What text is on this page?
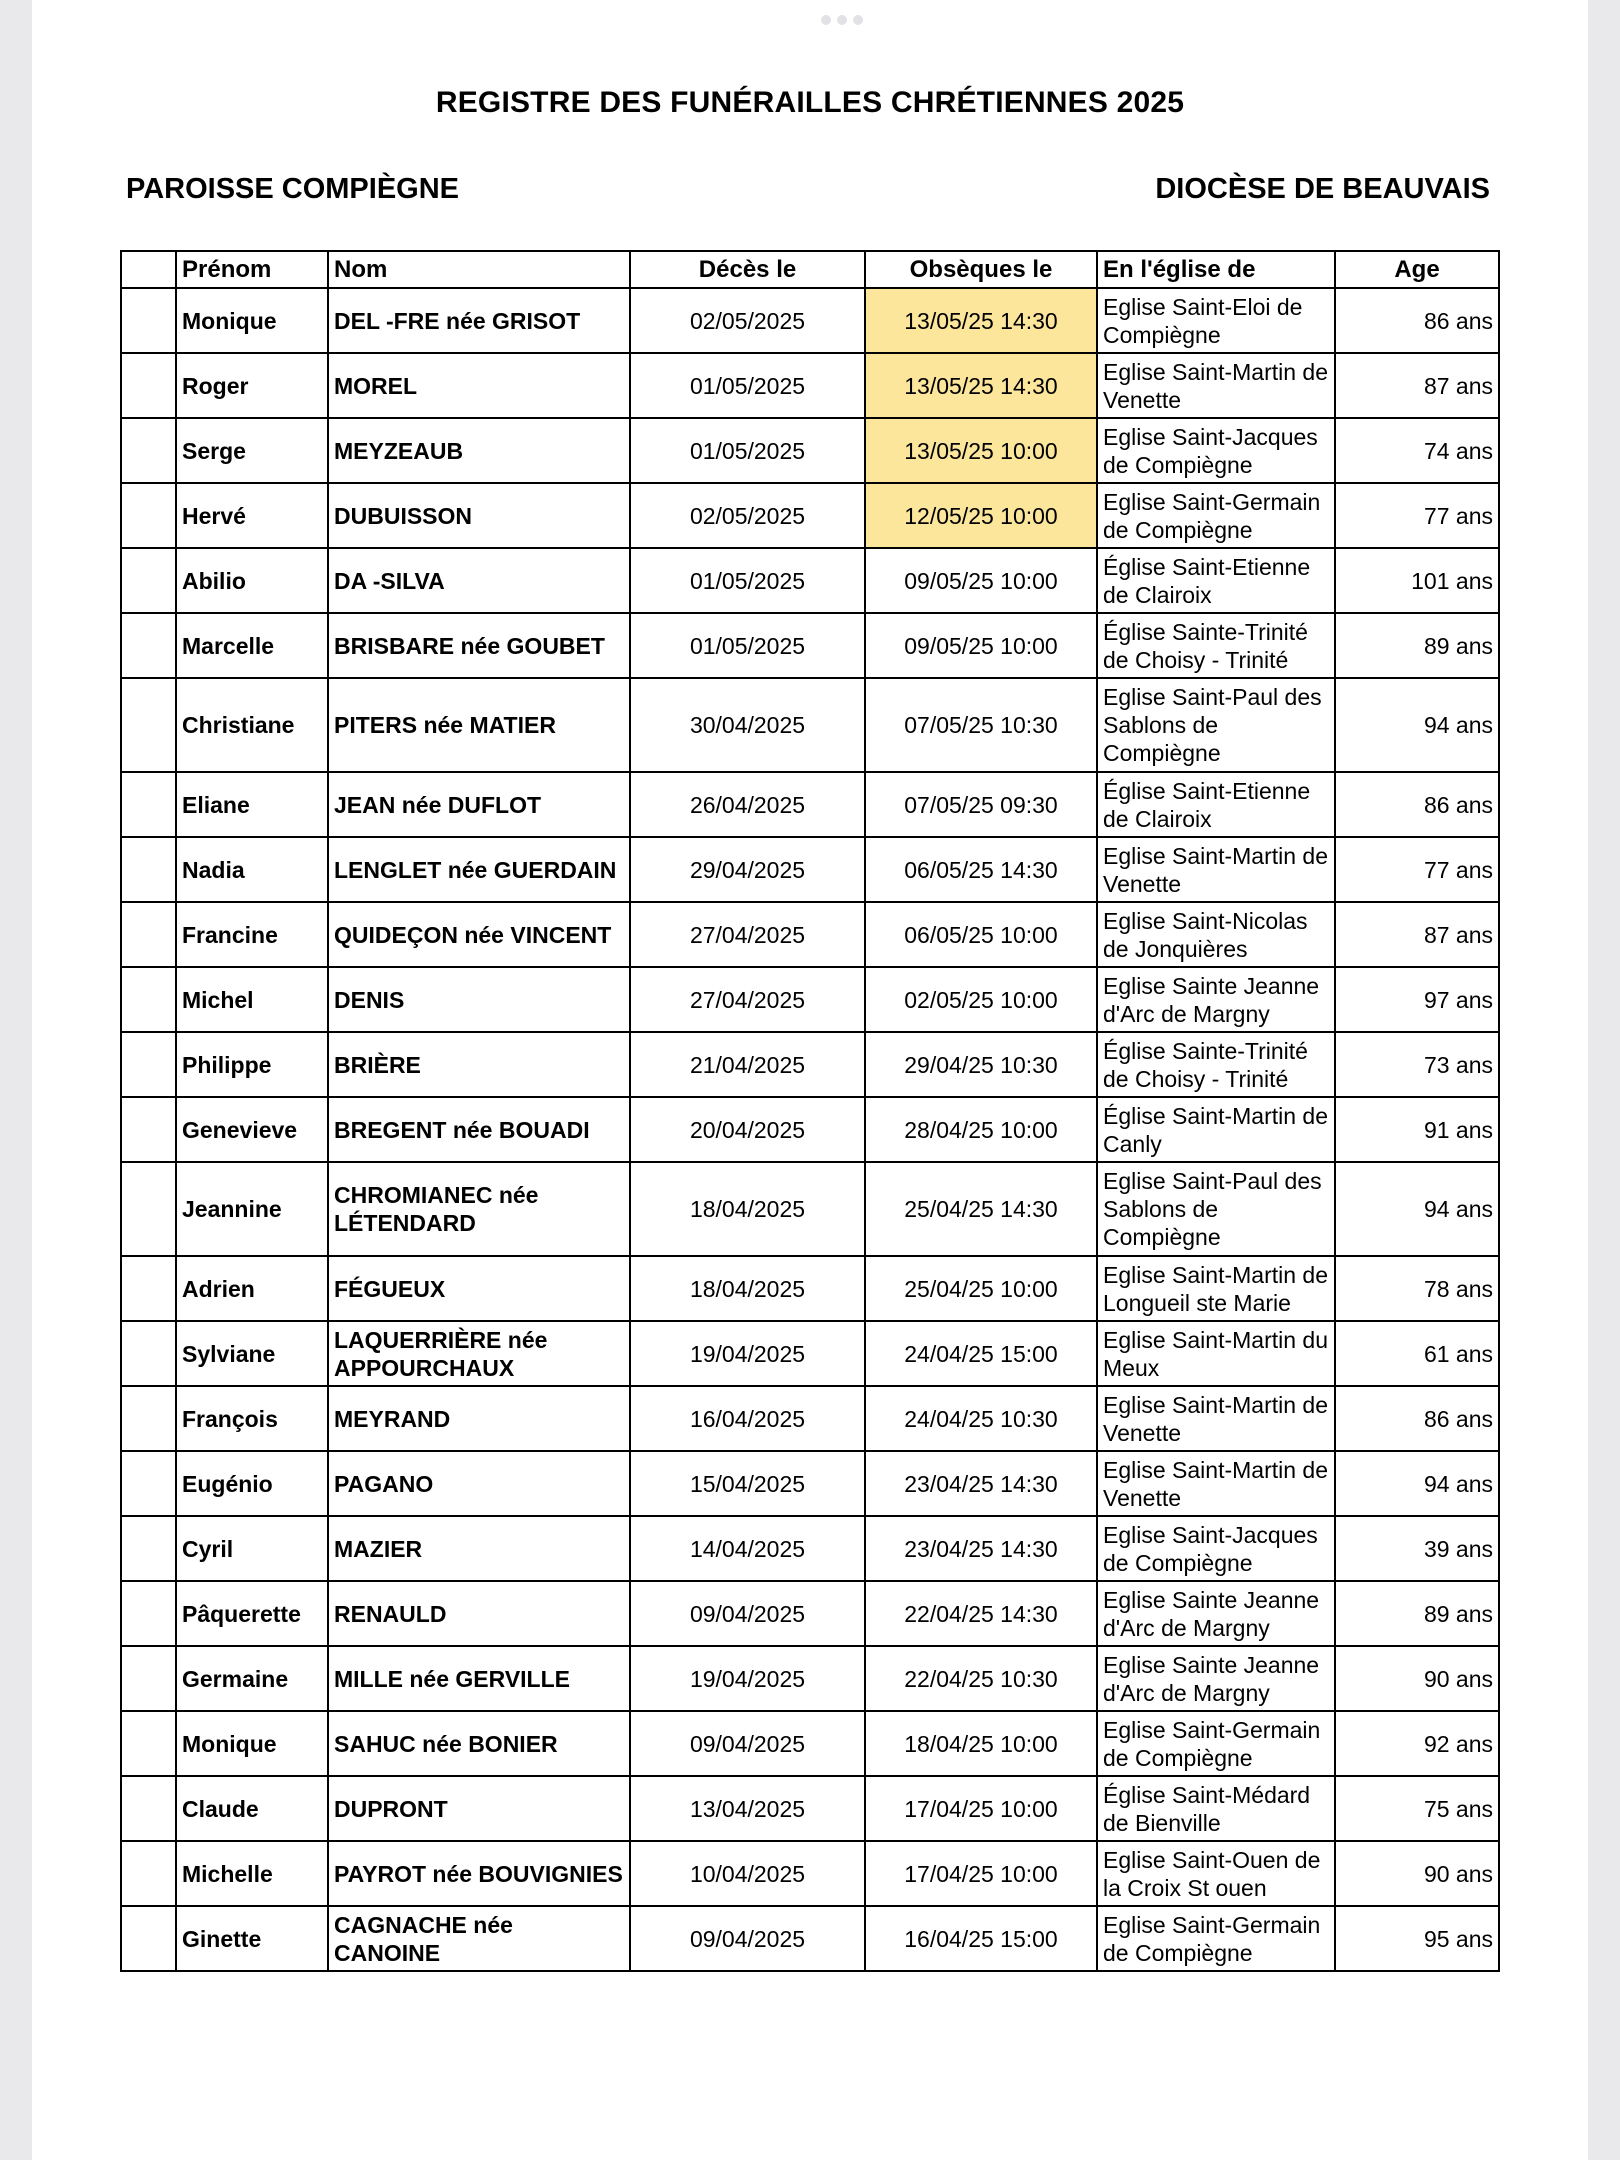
REGISTRE DES FUNÉRAILLES CHRÉTIENNES 2025
PAROISSE COMPIÈGNE	DIOCÈSE DE BEAUVAIS
	Prénom	Nom	Décès le	Obsèques le	En l'église de	Age
	Monique	DEL -FRE née GRISOT	02/05/2025	13/05/25 14:30	Eglise Saint-Eloi de Compiègne	86 ans
	Roger	MOREL	01/05/2025	13/05/25 14:30	Eglise Saint-Martin de Venette	87 ans
	Serge	MEYZEAUB	01/05/2025	13/05/25 10:00	Eglise Saint-Jacques de Compiègne	74 ans
	Hervé	DUBUISSON	02/05/2025	12/05/25 10:00	Eglise Saint-Germain de Compiègne	77 ans
	Abilio	DA -SILVA	01/05/2025	09/05/25 10:00	Église Saint-Etienne de Clairoix	101 ans
	Marcelle	BRISBARE née GOUBET	01/05/2025	09/05/25 10:00	Église Sainte-Trinité de Choisy - Trinité	89 ans
	Christiane	PITERS née MATIER	30/04/2025	07/05/25 10:30	Eglise Saint-Paul des Sablons de Compiègne	94 ans
	Eliane	JEAN née DUFLOT	26/04/2025	07/05/25 09:30	Église Saint-Etienne de Clairoix	86 ans
	Nadia	LENGLET née GUERDAIN	29/04/2025	06/05/25 14:30	Eglise Saint-Martin de Venette	77 ans
	Francine	QUIDEÇON née VINCENT	27/04/2025	06/05/25 10:00	Eglise Saint-Nicolas de Jonquières	87 ans
	Michel	DENIS	27/04/2025	02/05/25 10:00	Eglise Sainte Jeanne d'Arc de Margny	97 ans
	Philippe	BRIÈRE	21/04/2025	29/04/25 10:30	Église Sainte-Trinité de Choisy - Trinité	73 ans
	Genevieve	BREGENT née BOUADI	20/04/2025	28/04/25 10:00	Église Saint-Martin de Canly	91 ans
	Jeannine	CHROMIANEC née LÉTENDARD	18/04/2025	25/04/25 14:30	Eglise Saint-Paul des Sablons de Compiègne	94 ans
	Adrien	FÉGUEUX	18/04/2025	25/04/25 10:00	Eglise Saint-Martin de Longueil ste Marie	78 ans
	Sylviane	LAQUERRIÈRE née APPOURCHAUX	19/04/2025	24/04/25 15:00	Eglise Saint-Martin du Meux	61 ans
	François	MEYRAND	16/04/2025	24/04/25 10:30	Eglise Saint-Martin de Venette	86 ans
	Eugénio	PAGANO	15/04/2025	23/04/25 14:30	Eglise Saint-Martin de Venette	94 ans
	Cyril	MAZIER	14/04/2025	23/04/25 14:30	Eglise Saint-Jacques de Compiègne	39 ans
	Pâquerette	RENAULD	09/04/2025	22/04/25 14:30	Eglise Sainte Jeanne d'Arc de Margny	89 ans
	Germaine	MILLE née GERVILLE	19/04/2025	22/04/25 10:30	Eglise Sainte Jeanne d'Arc de Margny	90 ans
	Monique	SAHUC née BONIER	09/04/2025	18/04/25 10:00	Eglise Saint-Germain de Compiègne	92 ans
	Claude	DUPRONT	13/04/2025	17/04/25 10:00	Église Saint-Médard de Bienville	75 ans
	Michelle	PAYROT née BOUVIGNIES	10/04/2025	17/04/25 10:00	Eglise Saint-Ouen de la Croix St ouen	90 ans
	Ginette	CAGNACHE née CANOINE	09/04/2025	16/04/25 15:00	Eglise Saint-Germain de Compiègne	95 ans
